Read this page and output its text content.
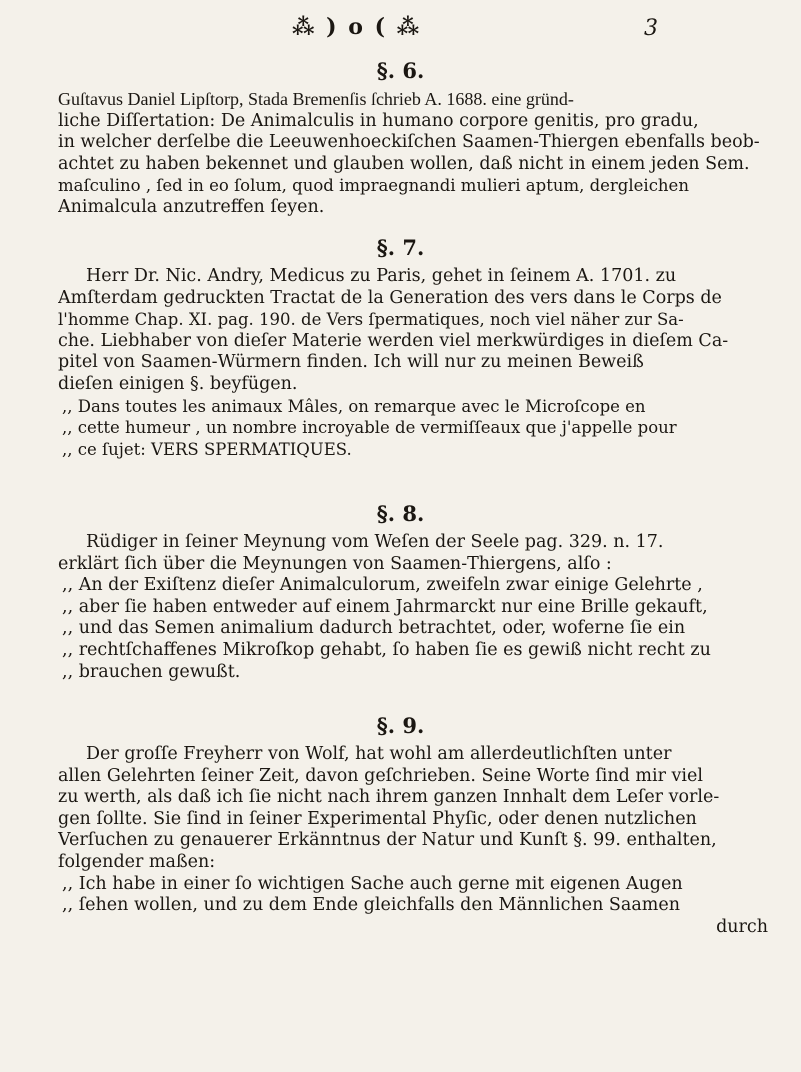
⁂ ) o ( ⁂	3
§. 6.
Guſtavus Daniel Lipſtorp, Stada Bremenſis ſchrieb A. 1688. eine gründ‑
liche Diſſertation: De Animalculis in humano corpore genitis, pro gradu,
in welcher derſelbe die Leeuwenhoeckiſchen Saamen‑Thiergen ebenfalls beob‑
achtet zu haben bekennet und glauben wollen, daß nicht in einem jeden Sem.
maſculino , ſed in eo ſolum, quod impraegnandi mulieri aptum, dergleichen
Animalcula anzutreffen ſeyen.
§. 7.
Herr Dr. Nic. Andry, Medicus zu Paris, gehet in ſeinem A. 1701. zu
Amſterdam gedruckten Tractat de la Generation des vers dans le Corps de
l'homme Chap. XI. pag. 190. de Vers ſpermatiques, noch viel näher zur Sa‑
che. Liebhaber von dieſer Materie werden viel merkwürdiges in dieſem Ca‑
pitel von Saamen‑Würmern finden. Ich will nur zu meinen Beweiß
dieſen einigen §. beyfügen.
,, Dans toutes les animaux Mâles, on remarque avec le Microſcope en
,, cette humeur , un nombre incroyable de vermiſſeaux que j'appelle pour
,, ce ſujet: VERS SPERMATIQUES.
§. 8.
Rüdiger in ſeiner Meynung vom Weſen der Seele pag. 329. n. 17.
erklärt ſich über die Meynungen von Saamen‑Thiergens, alſo :
,, An der Exiſtenz dieſer Animalculorum, zweifeln zwar einige Gelehrte ,
,, aber ſie haben entweder auf einem Jahrmarckt nur eine Brille gekauft,
,, und das Semen animalium dadurch betrachtet, oder, woferne ſie ein
,, rechtſchaffenes Mikroſkop gehabt, ſo haben ſie es gewiß nicht recht zu
,, brauchen gewußt.
§. 9.
Der groſſe Freyherr von Wolf, hat wohl am allerdeutlichſten unter
allen Gelehrten ſeiner Zeit, davon geſchrieben. Seine Worte ſind mir viel
zu werth, als daß ich ſie nicht nach ihrem ganzen Innhalt dem Leſer vorle‑
gen ſollte. Sie ſind in ſeiner Experimental Phyſic, oder denen nutzlichen
Verſuchen zu genauerer Erkänntnus der Natur und Kunſt §. 99. enthalten,
folgender maßen:
,, Ich habe in einer ſo wichtigen Sache auch gerne mit eigenen Augen
,, ſehen wollen, und zu dem Ende gleichfalls den Männlichen Saamen
durch
